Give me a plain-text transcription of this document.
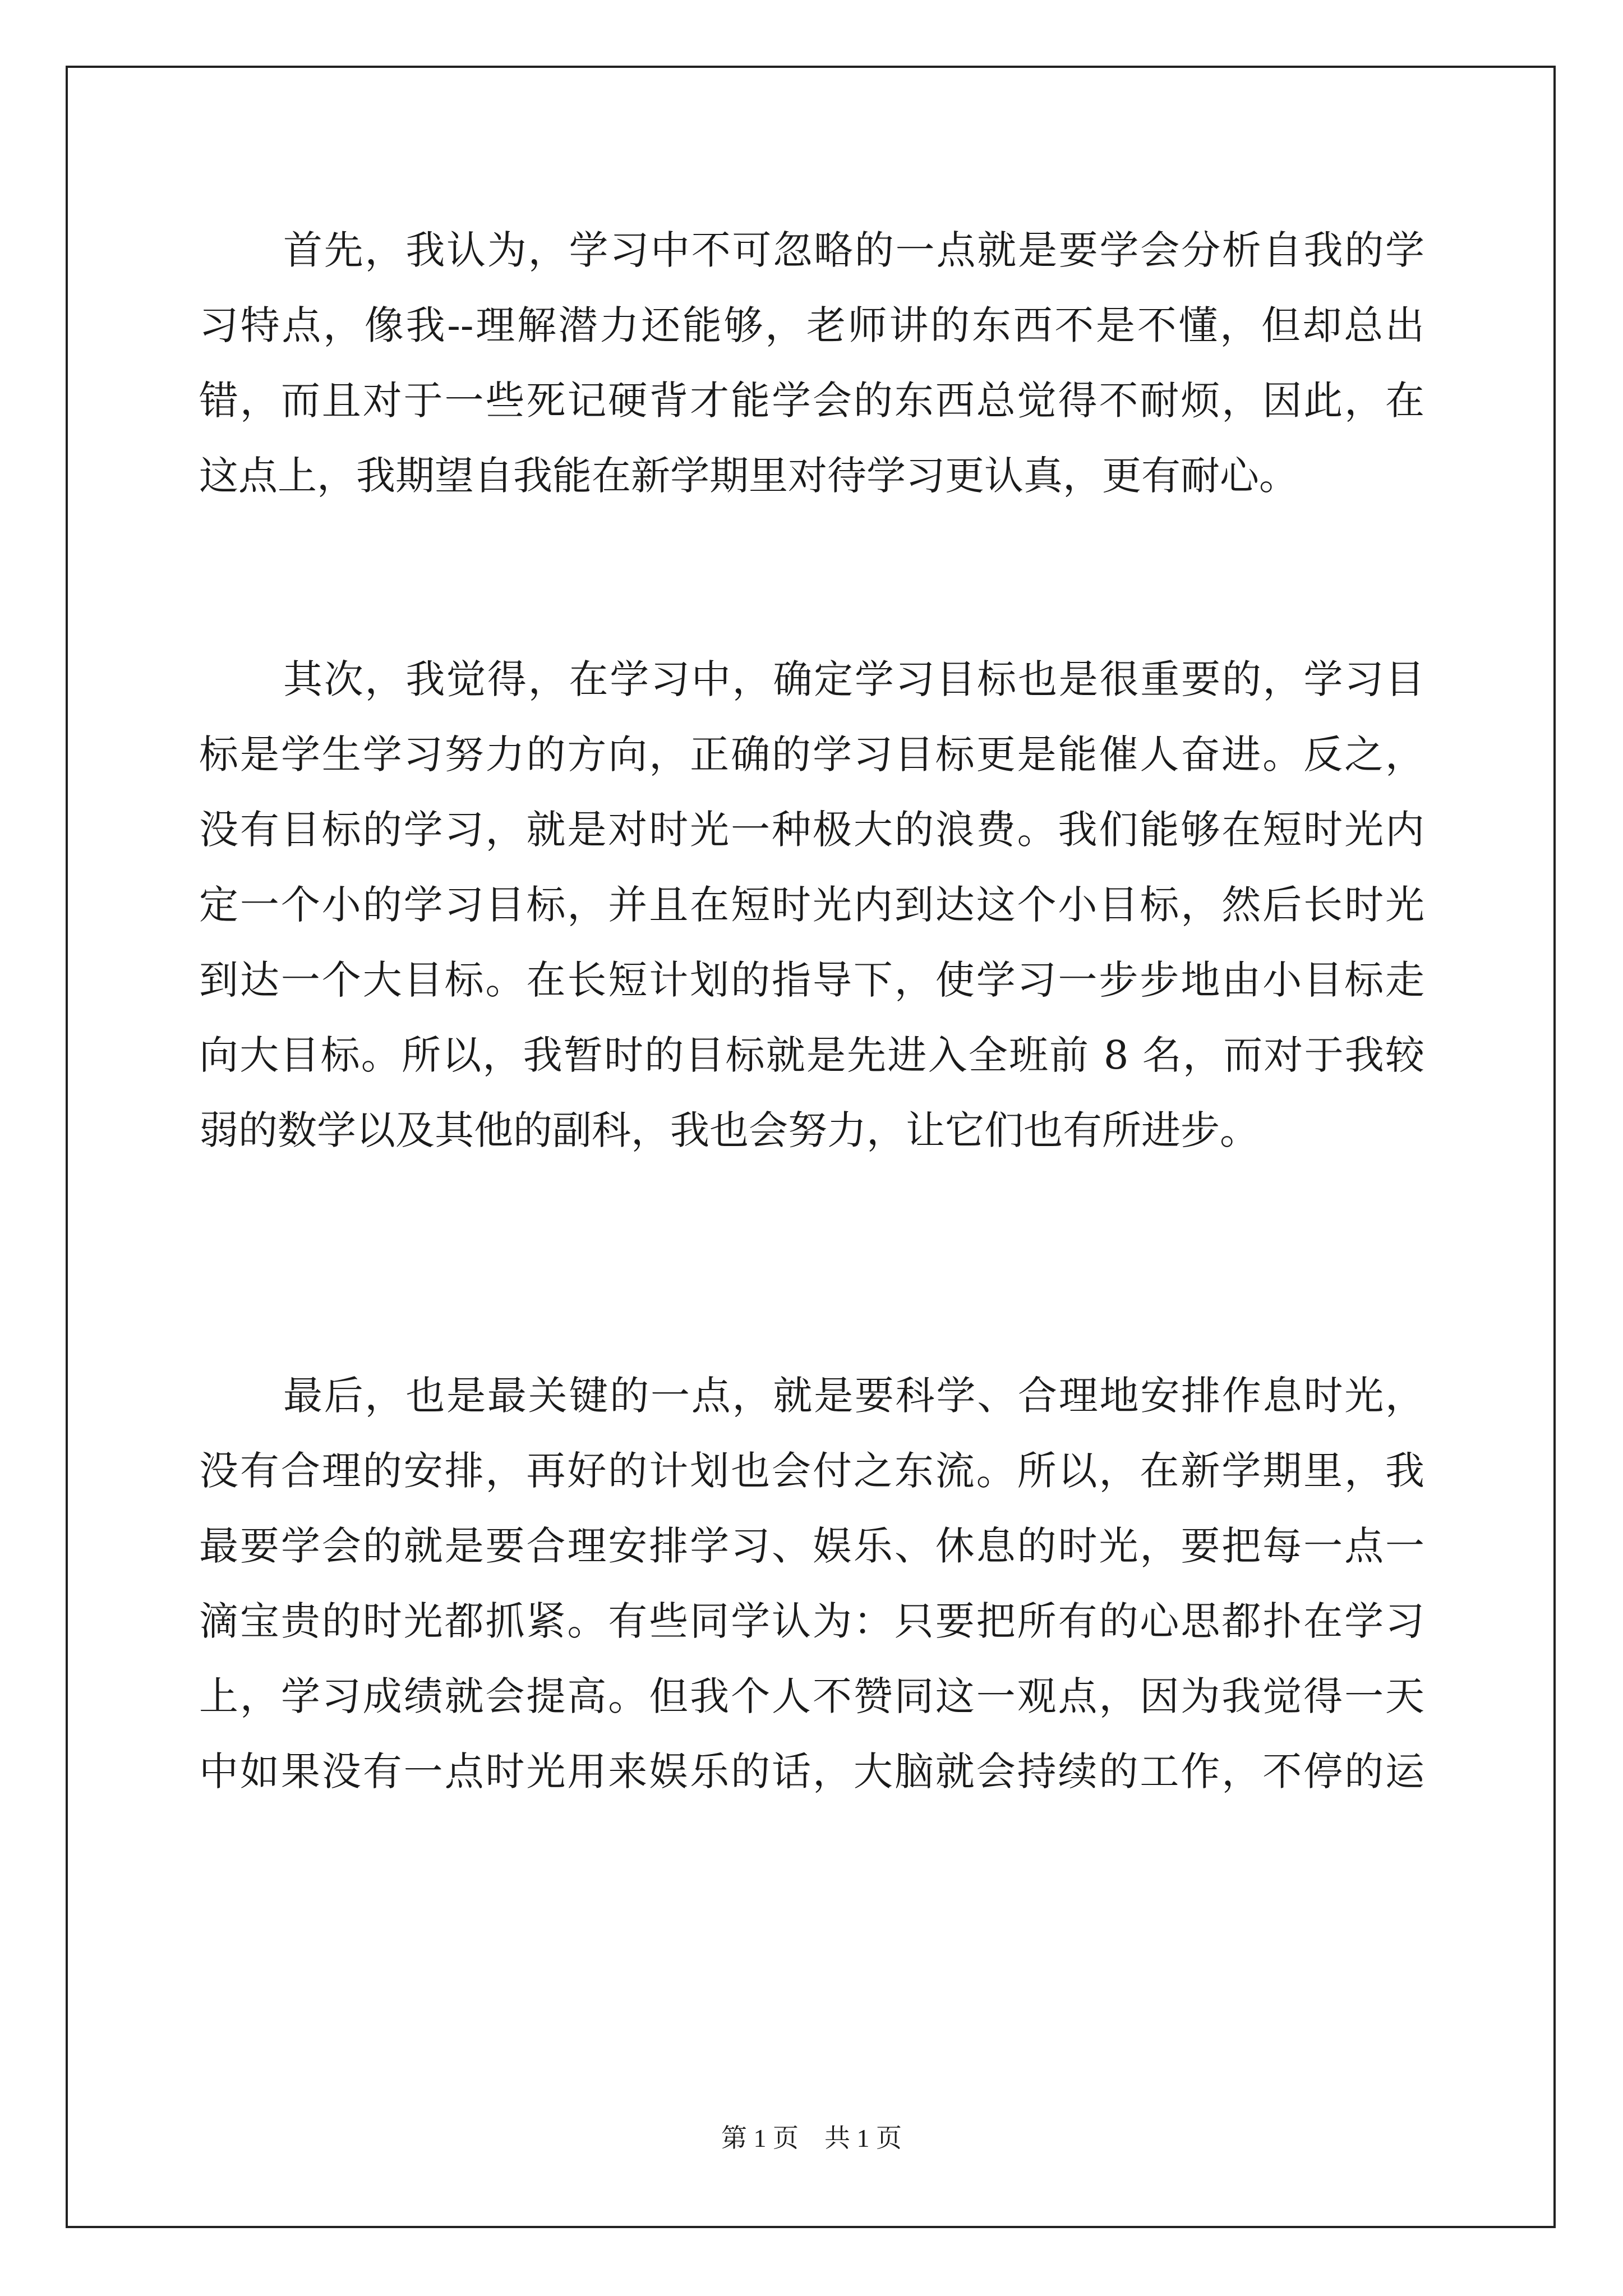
首先，我认为，学习中不可忽略的一点就是要学会分析自我的学
习特点，像我--理解潜力还能够，老师讲的东西不是不懂，但却总出
错，而且对于一些死记硬背才能学会的东西总觉得不耐烦，因此，在
这点上，我期望自我能在新学期里对待学习更认真，更有耐心。
其次，我觉得，在学习中，确定学习目标也是很重要的，学习目
标是学生学习努力的方向，正确的学习目标更是能催人奋进。反之，
没有目标的学习，就是对时光一种极大的浪费。我们能够在短时光内
定一个小的学习目标，并且在短时光内到达这个小目标，然后长时光
到达一个大目标。在长短计划的指导下，使学习一步步地由小目标走
向大目标。所以，我暂时的目标就是先进入全班前 8 名，而对于我较
弱的数学以及其他的副科，我也会努力，让它们也有所进步。
最后，也是最关键的一点，就是要科学、合理地安排作息时光，
没有合理的安排，再好的计划也会付之东流。所以，在新学期里，我
最要学会的就是要合理安排学习、娱乐、休息的时光，要把每一点一
滴宝贵的时光都抓紧。有些同学认为：只要把所有的心思都扑在学习
上，学习成绩就会提高。但我个人不赞同这一观点，因为我觉得一天
中如果没有一点时光用来娱乐的话，大脑就会持续的工作，不停的运
第 1 页　共 1 页
